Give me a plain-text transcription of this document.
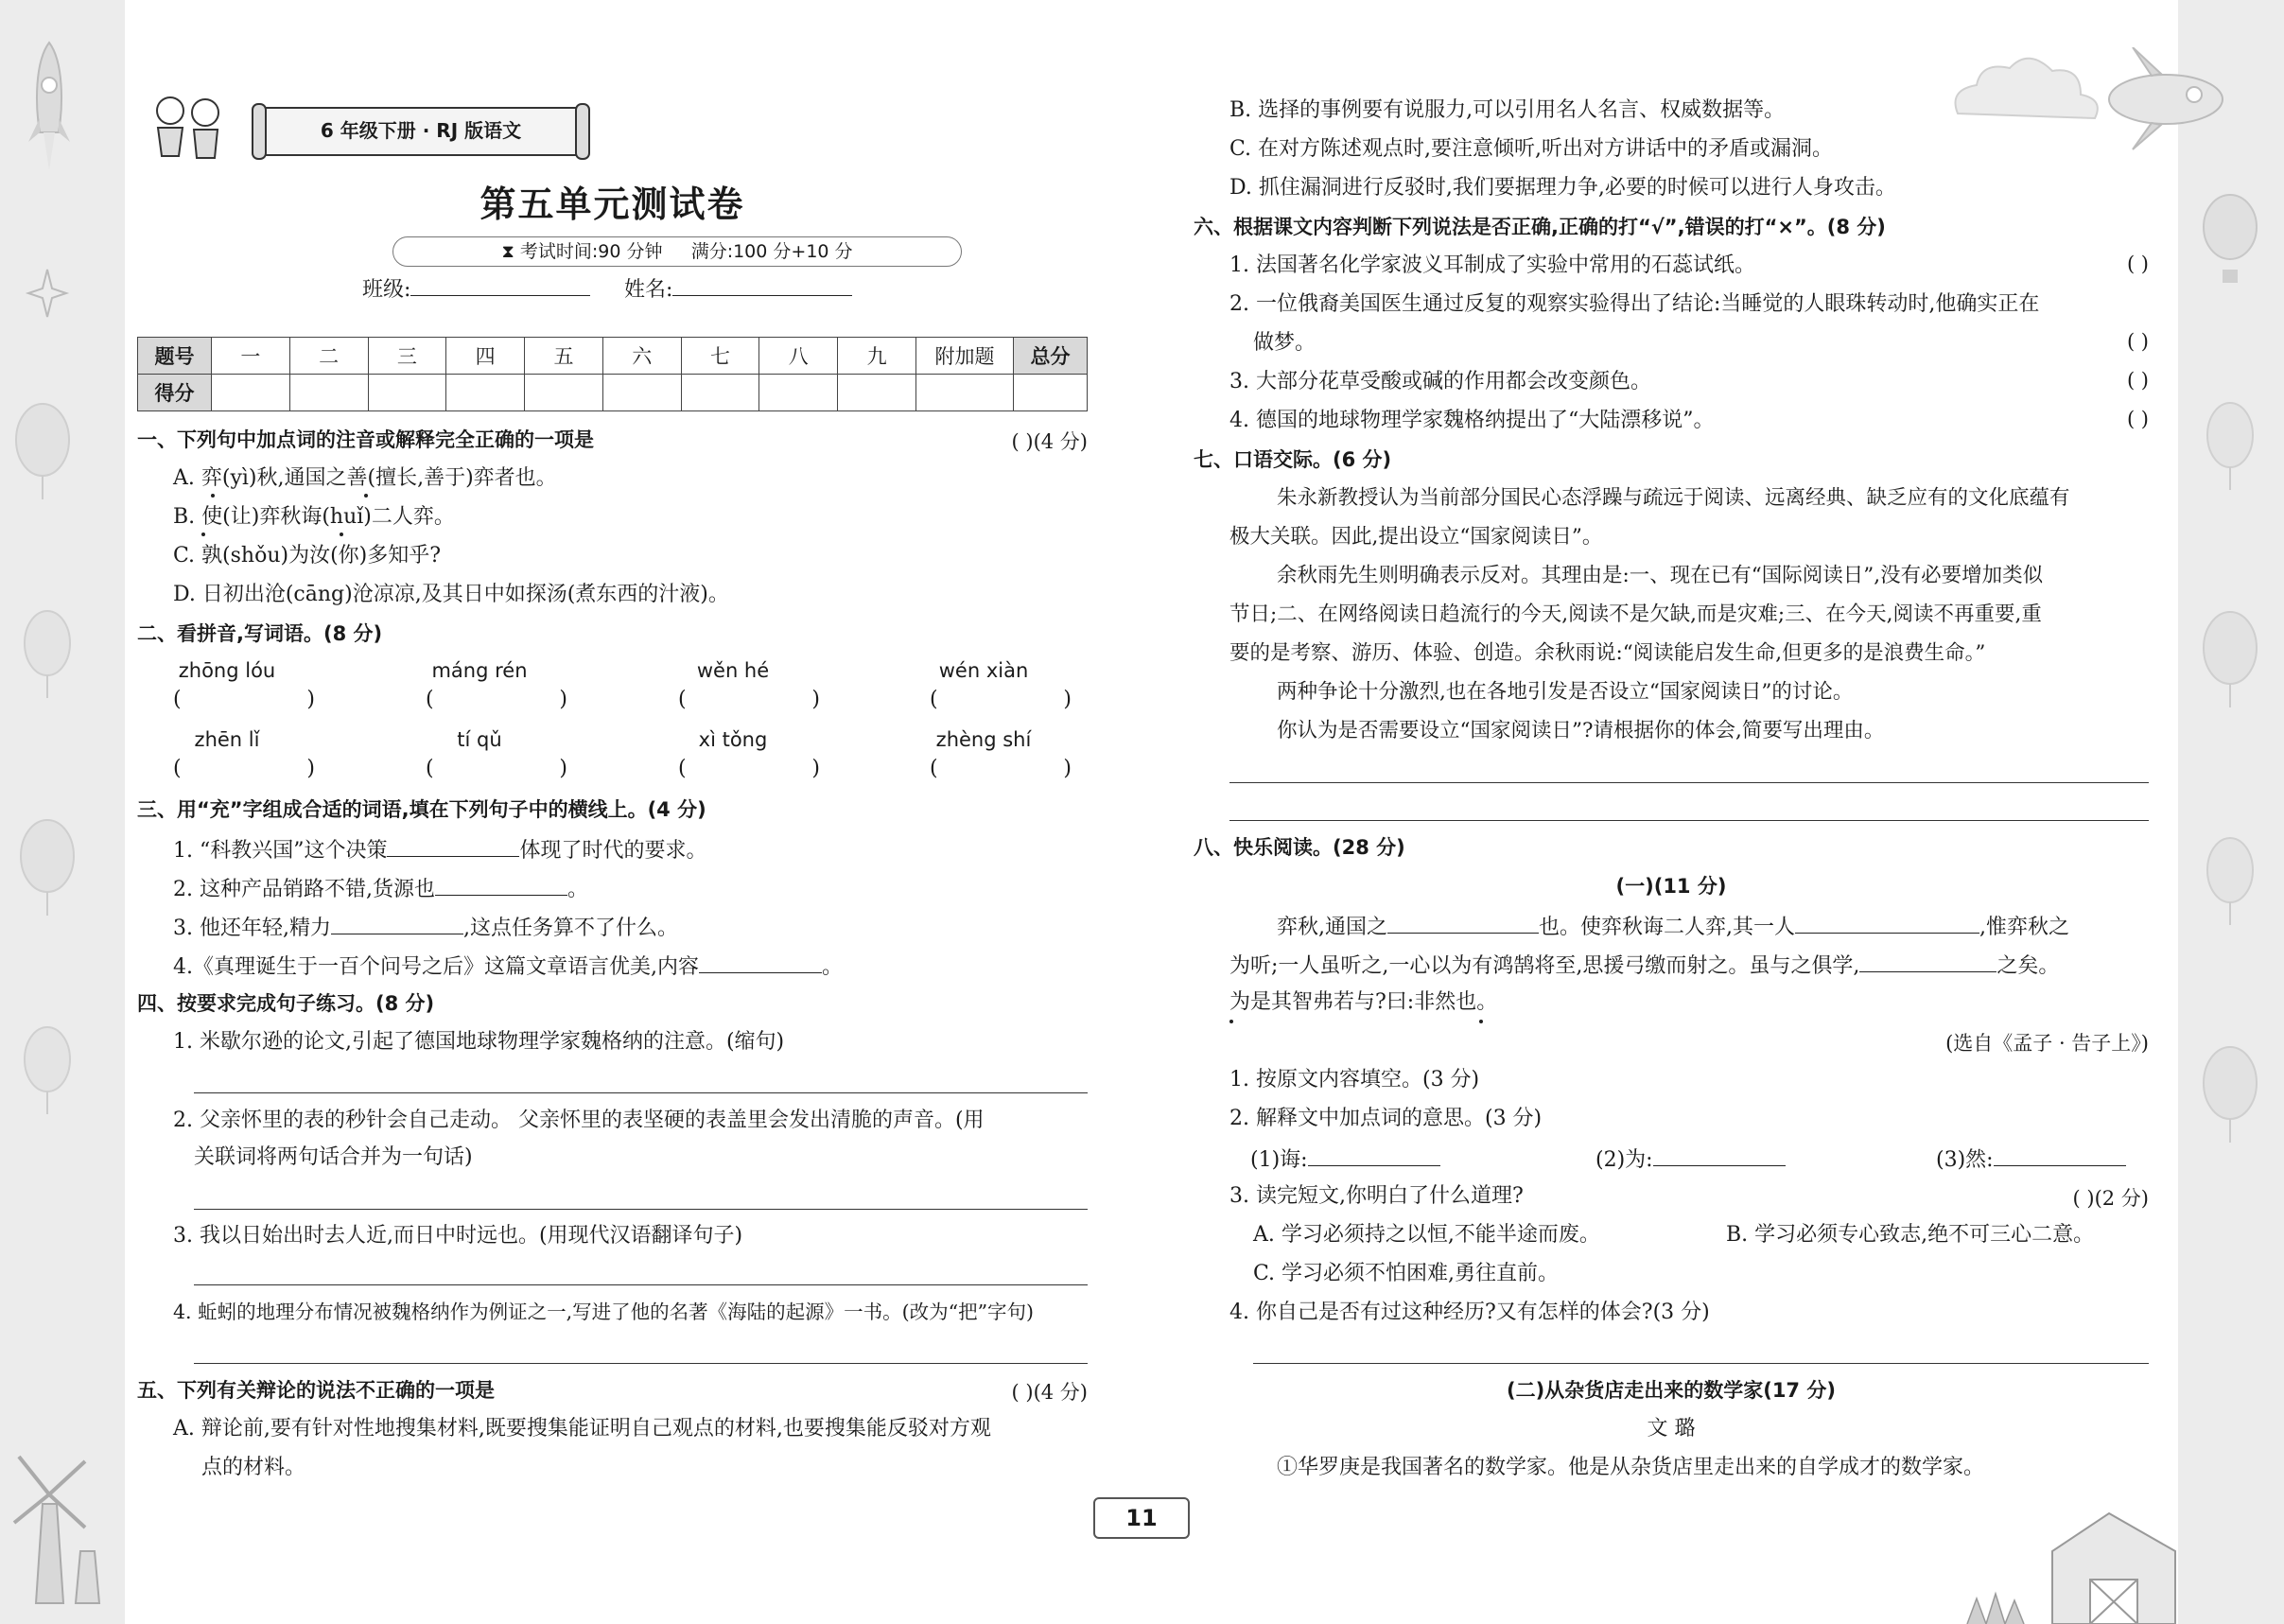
6 年级下册 · RJ 版语文
第五单元测试卷
⧗ 考试时间:90 分钟 满分:100 分+10 分
班级:	姓名:
题号	一	二	三	四	五	六	七	八	九	附加题	总分
得分											
一、下列句中加点词的注音或解释完全正确的一项是	( )(4 分)
A. 弈(yì)秋,通国之善(擅长,善于)弈者也。
B. 使(让)弈秋诲(huǐ)二人弈。
C. 孰(shǒu)为汝(你)多知乎?
D. 日初出沧(cāng)沧凉凉,及其日中如探汤(煮东西的汁液)。
二、看拼音,写词语。(8 分)
zhōng lóu	máng rén	wěn hé	wén xiàn
(	)	(	)	(	)	(	)
zhēn lǐ	tí qǔ	xì tǒng	zhèng shí
(	)	(	)	(	)	(	)
三、用“充”字组成合适的词语,填在下列句子中的横线上。(4 分)
1. “科教兴国”这个决策	体现了时代的要求。
2. 这种产品销路不错,货源也	。
3. 他还年轻,精力	,这点任务算不了什么。
4.《真理诞生于一百个问号之后》这篇文章语言优美,内容	。
四、按要求完成句子练习。(8 分)
1. 米歇尔逊的论文,引起了德国地球物理学家魏格纳的注意。(缩句)
2. 父亲怀里的表的秒针会自己走动。 父亲怀里的表坚硬的表盖里会发出清脆的声音。(用
关联词将两句话合并为一句话)
3. 我以日始出时去人近,而日中时远也。(用现代汉语翻译句子)
4. 蚯蚓的地理分布情况被魏格纳作为例证之一,写进了他的名著《海陆的起源》一书。(改为“把”字句)
五、下列有关辩论的说法不正确的一项是	( )(4 分)
A. 辩论前,要有针对性地搜集材料,既要搜集能证明自己观点的材料,也要搜集能反驳对方观
点的材料。
B. 选择的事例要有说服力,可以引用名人名言、权威数据等。
C. 在对方陈述观点时,要注意倾听,听出对方讲话中的矛盾或漏洞。
D. 抓住漏洞进行反驳时,我们要据理力争,必要的时候可以进行人身攻击。
六、根据课文内容判断下列说法是否正确,正确的打“√”,错误的打“×”。(8 分)
1. 法国著名化学家波义耳制成了实验中常用的石蕊试纸。	( )
2. 一位俄裔美国医生通过反复的观察实验得出了结论:当睡觉的人眼珠转动时,他确实正在
做梦。	( )
3. 大部分花草受酸或碱的作用都会改变颜色。	( )
4. 德国的地球物理学家魏格纳提出了“大陆漂移说”。	( )
七、口语交际。(6 分)
朱永新教授认为当前部分国民心态浮躁与疏远于阅读、远离经典、缺乏应有的文化底蕴有
极大关联。因此,提出设立“国家阅读日”。
余秋雨先生则明确表示反对。其理由是:一、现在已有“国际阅读日”,没有必要增加类似
节日;二、在网络阅读日趋流行的今天,阅读不是欠缺,而是灾难;三、在今天,阅读不再重要,重
要的是考察、游历、体验、创造。余秋雨说:“阅读能启发生命,但更多的是浪费生命。”
两种争论十分激烈,也在各地引发是否设立“国家阅读日”的讨论。
你认为是否需要设立“国家阅读日”?请根据你的体会,简要写出理由。
八、快乐阅读。(28 分)
(一)(11 分)
弈秋,通国之	也。使弈秋诲二人弈,其一人	,惟弈秋之
为听;一人虽听之,一心以为有鸿鹄将至,思援弓缴而射之。虽与之俱学,	之矣。
为是其智弗若与?曰:非然也。
(选自《孟子 · 告子上》)
1. 按原文内容填空。(3 分)
2. 解释文中加点词的意思。(3 分)
(1)诲:	(2)为:	(3)然:
3. 读完短文,你明白了什么道理?	( )(2 分)
A. 学习必须持之以恒,不能半途而废。	B. 学习必须专心致志,绝不可三心二意。
C. 学习必须不怕困难,勇往直前。
4. 你自己是否有过这种经历?又有怎样的体会?(3 分)
(二)从杂货店走出来的数学家(17 分)
文 璐
①华罗庚是我国著名的数学家。他是从杂货店里走出来的自学成才的数学家。
11
